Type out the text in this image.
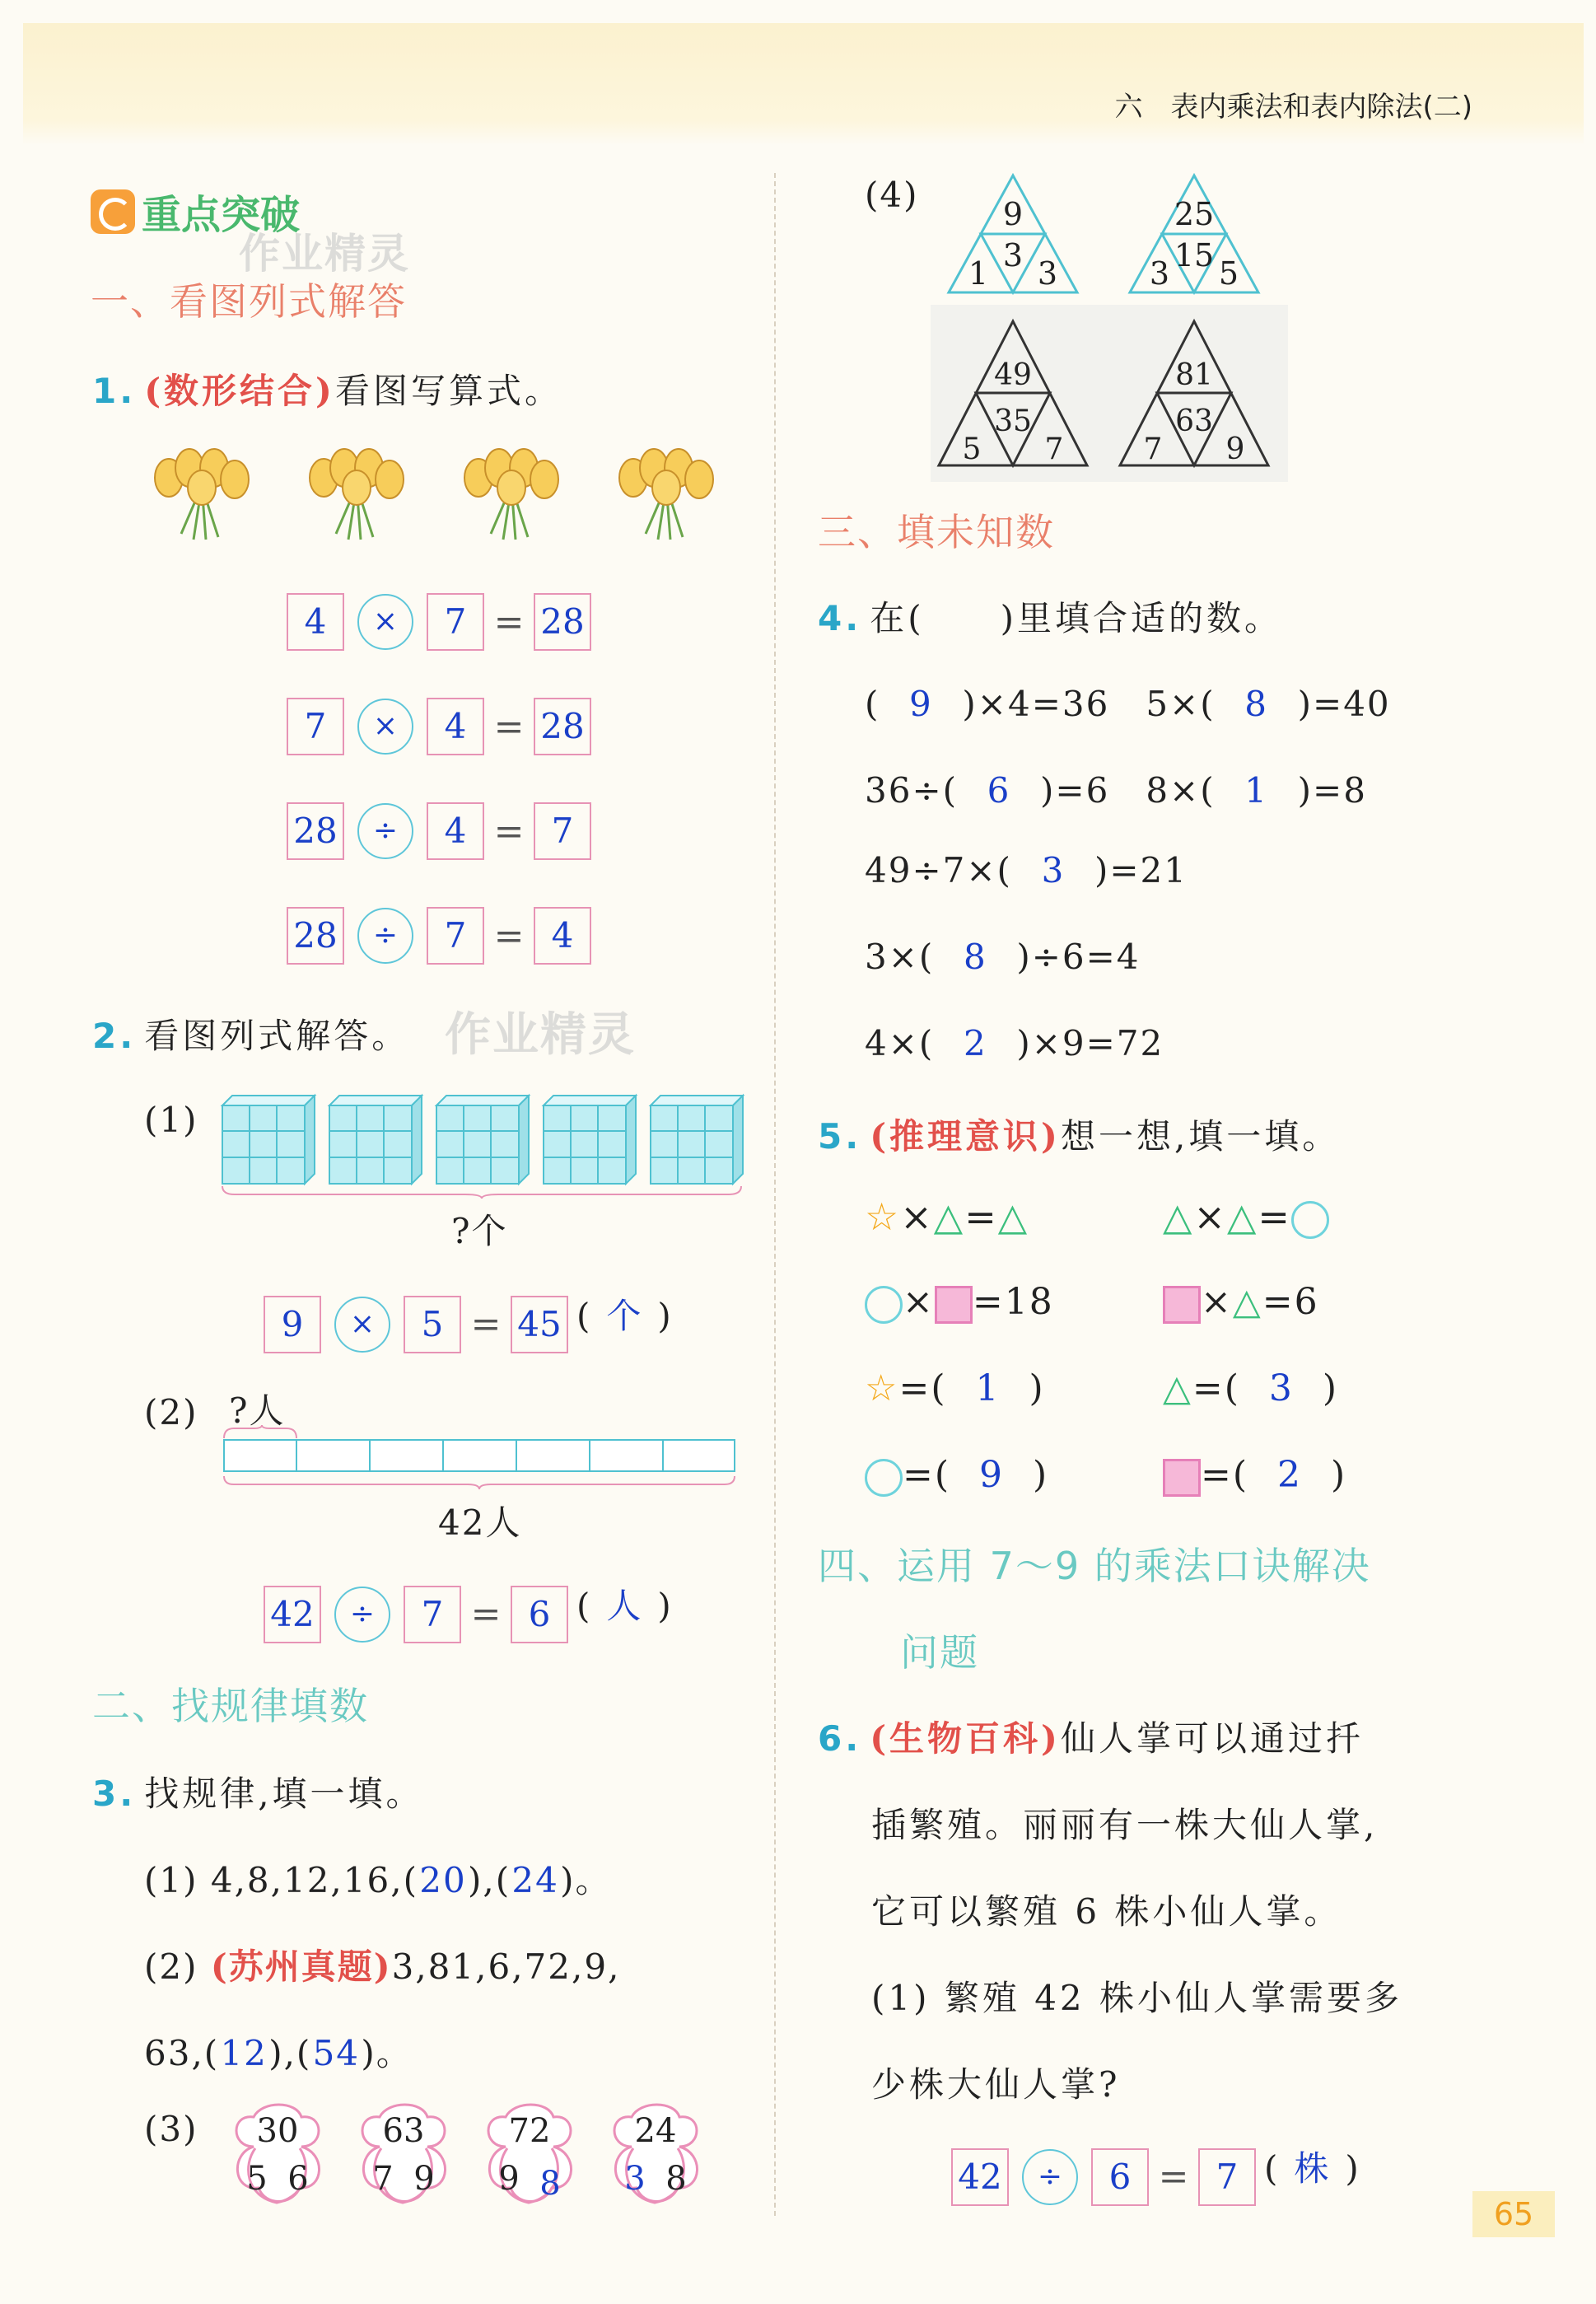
六　表内乘法和表内除法(二)
重点突破
作业精灵
一、看图列式解答
1. (数形结合)看图写算式。
4 × 7 = 28
7 × 4 = 28
28 ÷ 4 = 7
28 ÷ 7 = 4
2. 看图列式解答。 作业精灵
(1)
?个
9 × 5 = 45 ( 个 )
(2) ?人
42人
42 ÷ 7 = 6 ( 人 )
二、找规律填数
3. 找规律,填一填。
(1) 4,8,12,16,(20),(24)。
(2) (苏州真题)3,81,6,72,9,
63,(12),(54)。
(3) 30
5 6
63
7 9
72
9 8
24
3 8
(4)	9
3
1 3
25
15
3 5
49
35
5 7
81
63
7 9
三、填未知数
4. 在(　　)里填合适的数。
( 9 )×4=36　5×( 8 )=40
36÷( 6 )=6　8×( 1 )=8
49÷7×( 3 )=21
3×( 8 )÷6=4
4×( 2 )×9=72
5. (推理意识)想一想,填一填。
☆×△=△	△×△=
× =18	×△=6
☆=( 1 )	△=( 3 )
=( 9 )	=( 2 )
四、运用 7～9 的乘法口诀解决
问题
6. (生物百科)仙人掌可以通过扦
插繁殖。丽丽有一株大仙人掌,
它可以繁殖 6 株小仙人掌。
(1) 繁殖 42 株小仙人掌需要多
少株大仙人掌?
42 ÷ 6 = 7 ( 株 )
65
